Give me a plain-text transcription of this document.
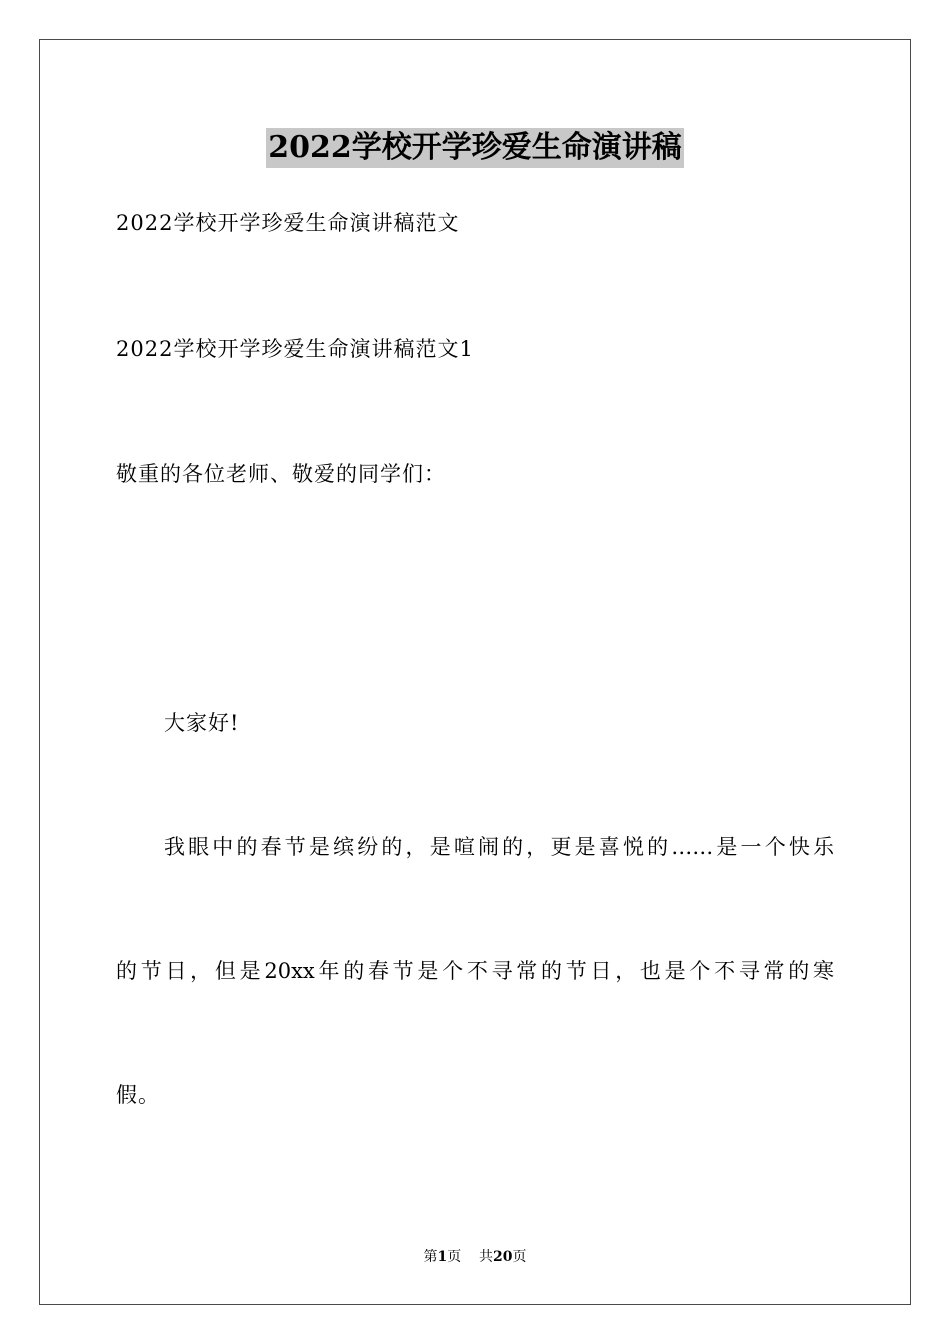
2022学校开学珍爱生命演讲稿
2022学校开学珍爱生命演讲稿范文
2022学校开学珍爱生命演讲稿范文1
敬重的各位老师、敬爱的同学们：
大家好!
我眼中的春节是缤纷的，是喧闹的，更是喜悦的……是一个快乐
的节日，但是20xx年的春节是个不寻常的节日，也是个不寻常的寒
假。
第1页 共20页
